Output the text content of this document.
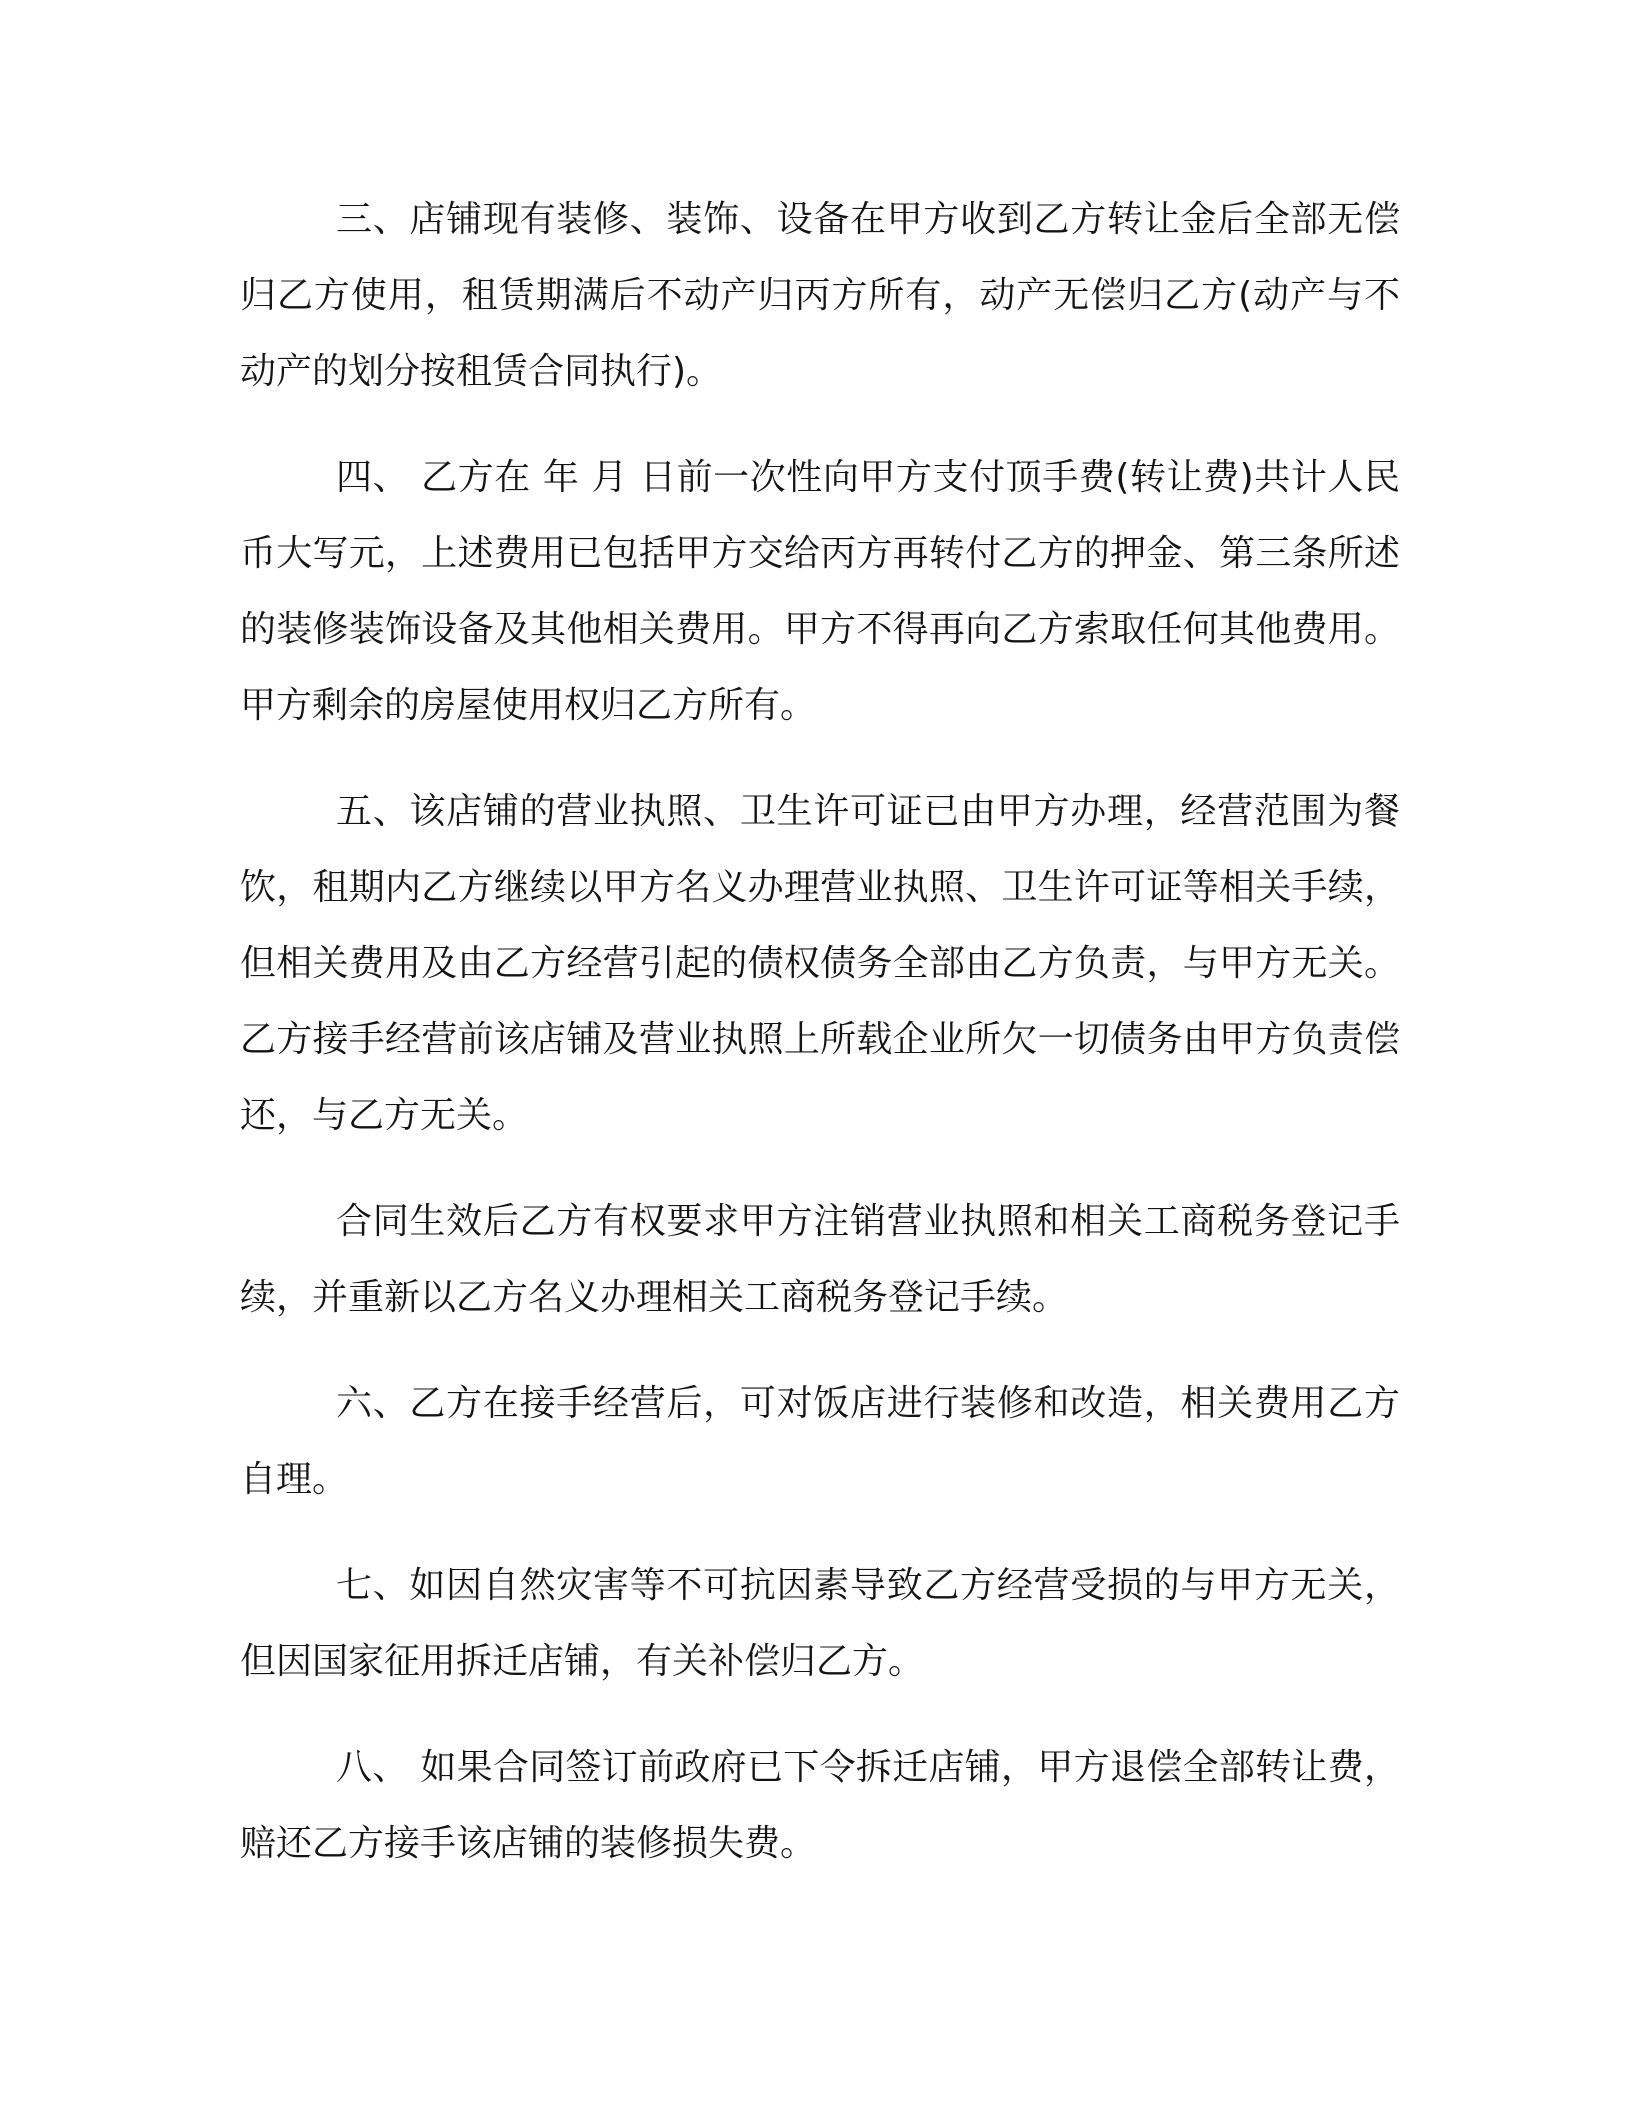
三、店铺现有装修、装饰、设备在甲方收到乙方转让金后全部无偿归乙方使用，租赁期满后不动产归丙方所有，动产无偿归乙方(动产与不动产的划分按租赁合同执行)。

四、 乙方在 年 月 日前一次性向甲方支付顶手费(转让费)共计人民币大写元，上述费用已包括甲方交给丙方再转付乙方的押金、第三条所述的装修装饰设备及其他相关费用。甲方不得再向乙方索取任何其他费用。甲方剩余的房屋使用权归乙方所有。

五、该店铺的营业执照、卫生许可证已由甲方办理，经营范围为餐饮，租期内乙方继续以甲方名义办理营业执照、卫生许可证等相关手续，但相关费用及由乙方经营引起的债权债务全部由乙方负责，与甲方无关。乙方接手经营前该店铺及营业执照上所载企业所欠一切债务由甲方负责偿还，与乙方无关。

合同生效后乙方有权要求甲方注销营业执照和相关工商税务登记手续，并重新以乙方名义办理相关工商税务登记手续。

六、乙方在接手经营后，可对饭店进行装修和改造，相关费用乙方自理。

七、如因自然灾害等不可抗因素导致乙方经营受损的与甲方无关，但因国家征用拆迁店铺，有关补偿归乙方。

八、 如果合同签订前政府已下令拆迁店铺，甲方退偿全部转让费，赔还乙方接手该店铺的装修损失费。
